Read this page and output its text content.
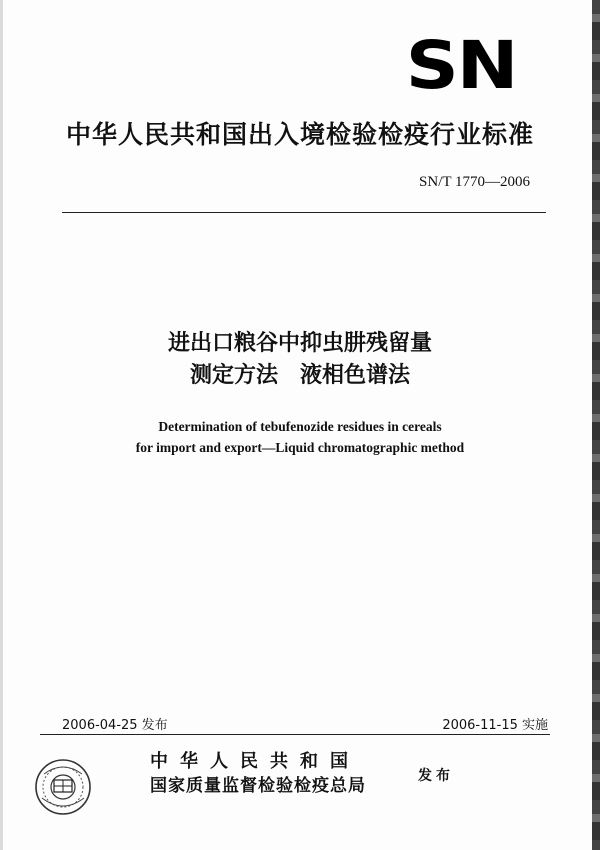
SN
中华人民共和国出入境检验检疫行业标准
SN/T 1770—2006
进出口粮谷中抑虫肼残留量
测定方法　液相色谱法
Determination of tebufenozide residues in cereals
for import and export—Liquid chromatographic method
2006-04-25 发布	2006-11-15 实施
中华人民共和国
国家质量监督检验检疫总局	发布
